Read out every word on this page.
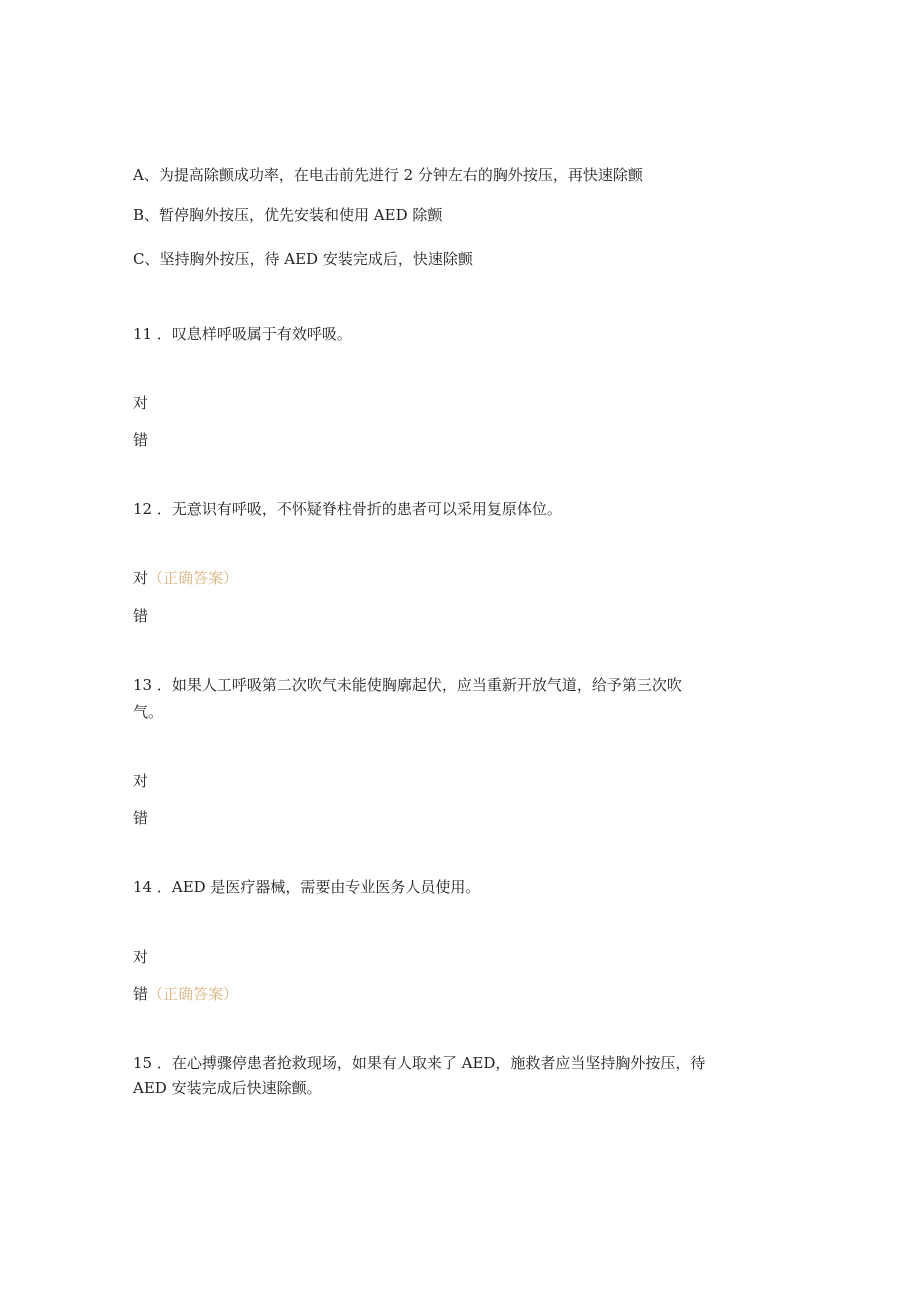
A、为提高除颤成功率，在电击前先进行 2 分钟左右的胸外按压，再快速除颤
B、暂停胸外按压，优先安装和使用 AED 除颤
C、坚持胸外按压，待 AED 安装完成后，快速除颤
11 ．叹息样呼吸属于有效呼吸。
对
错
12 ．无意识有呼吸，不怀疑脊柱骨折的患者可以采用复原体位。
对（正确答案）
错
13 ．如果人工呼吸第二次吹气未能使胸廓起伏，应当重新开放气道，给予第三次吹
气。
对
错
14 ．AED 是医疗器械，需要由专业医务人员使用。
对
错（正确答案）
15 ．在心搏骤停患者抢救现场，如果有人取来了 AED，施救者应当坚持胸外按压，待
AED 安装完成后快速除颤。
